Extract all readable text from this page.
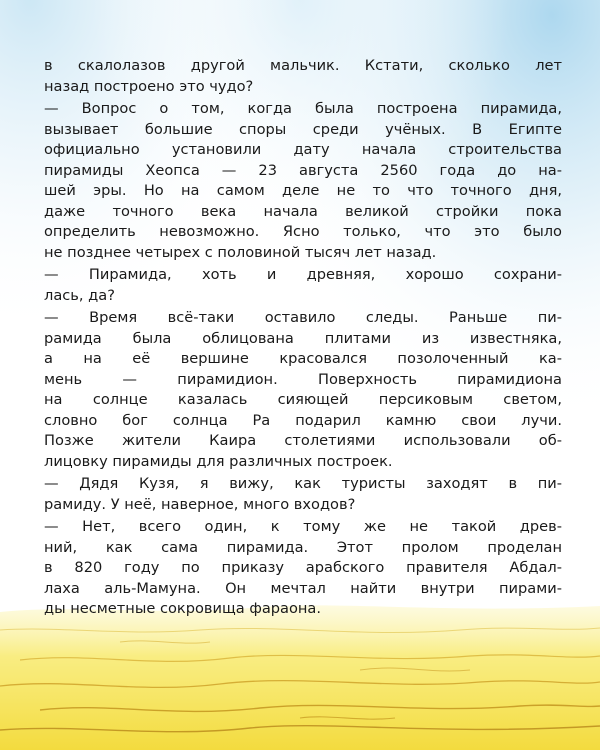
в скалолазов другой мальчик. Кстати, сколько лет
назад построено это чудо?
— Вопрос о том, когда была построена пирамида,
вызывает большие споры среди учёных. В Египте
официально установили дату начала строительства
пирамиды Хеопса — 23 августа 2560 года до на-
шей эры. Но на самом деле не то что точного дня,
даже точного века начала великой стройки пока
определить невозможно. Ясно только, что это было
не позднее четырех с половиной тысяч лет назад.
— Пирамида, хоть и древняя, хорошо сохрани-
лась, да?
— Время всё-таки оставило следы. Раньше пи-
рамида была облицована плитами из известняка,
а на её вершине красовался позолоченный ка-
мень — пирамидион. Поверхность пирамидиона
на солнце казалась сияющей персиковым светом,
словно бог солнца Ра подарил камню свои лучи.
Позже жители Каира столетиями использовали об-
лицовку пирамиды для различных построек.
— Дядя Кузя, я вижу, как туристы заходят в пи-
рамиду. У неё, наверное, много входов?
— Нет, всего один, к тому же не такой древ-
ний, как сама пирамида. Этот пролом проделан
в 820 году по приказу арабского правителя Абдал-
лаха аль-Мамуна. Он мечтал найти внутри пирами-
ды несметные сокровища фараона.
